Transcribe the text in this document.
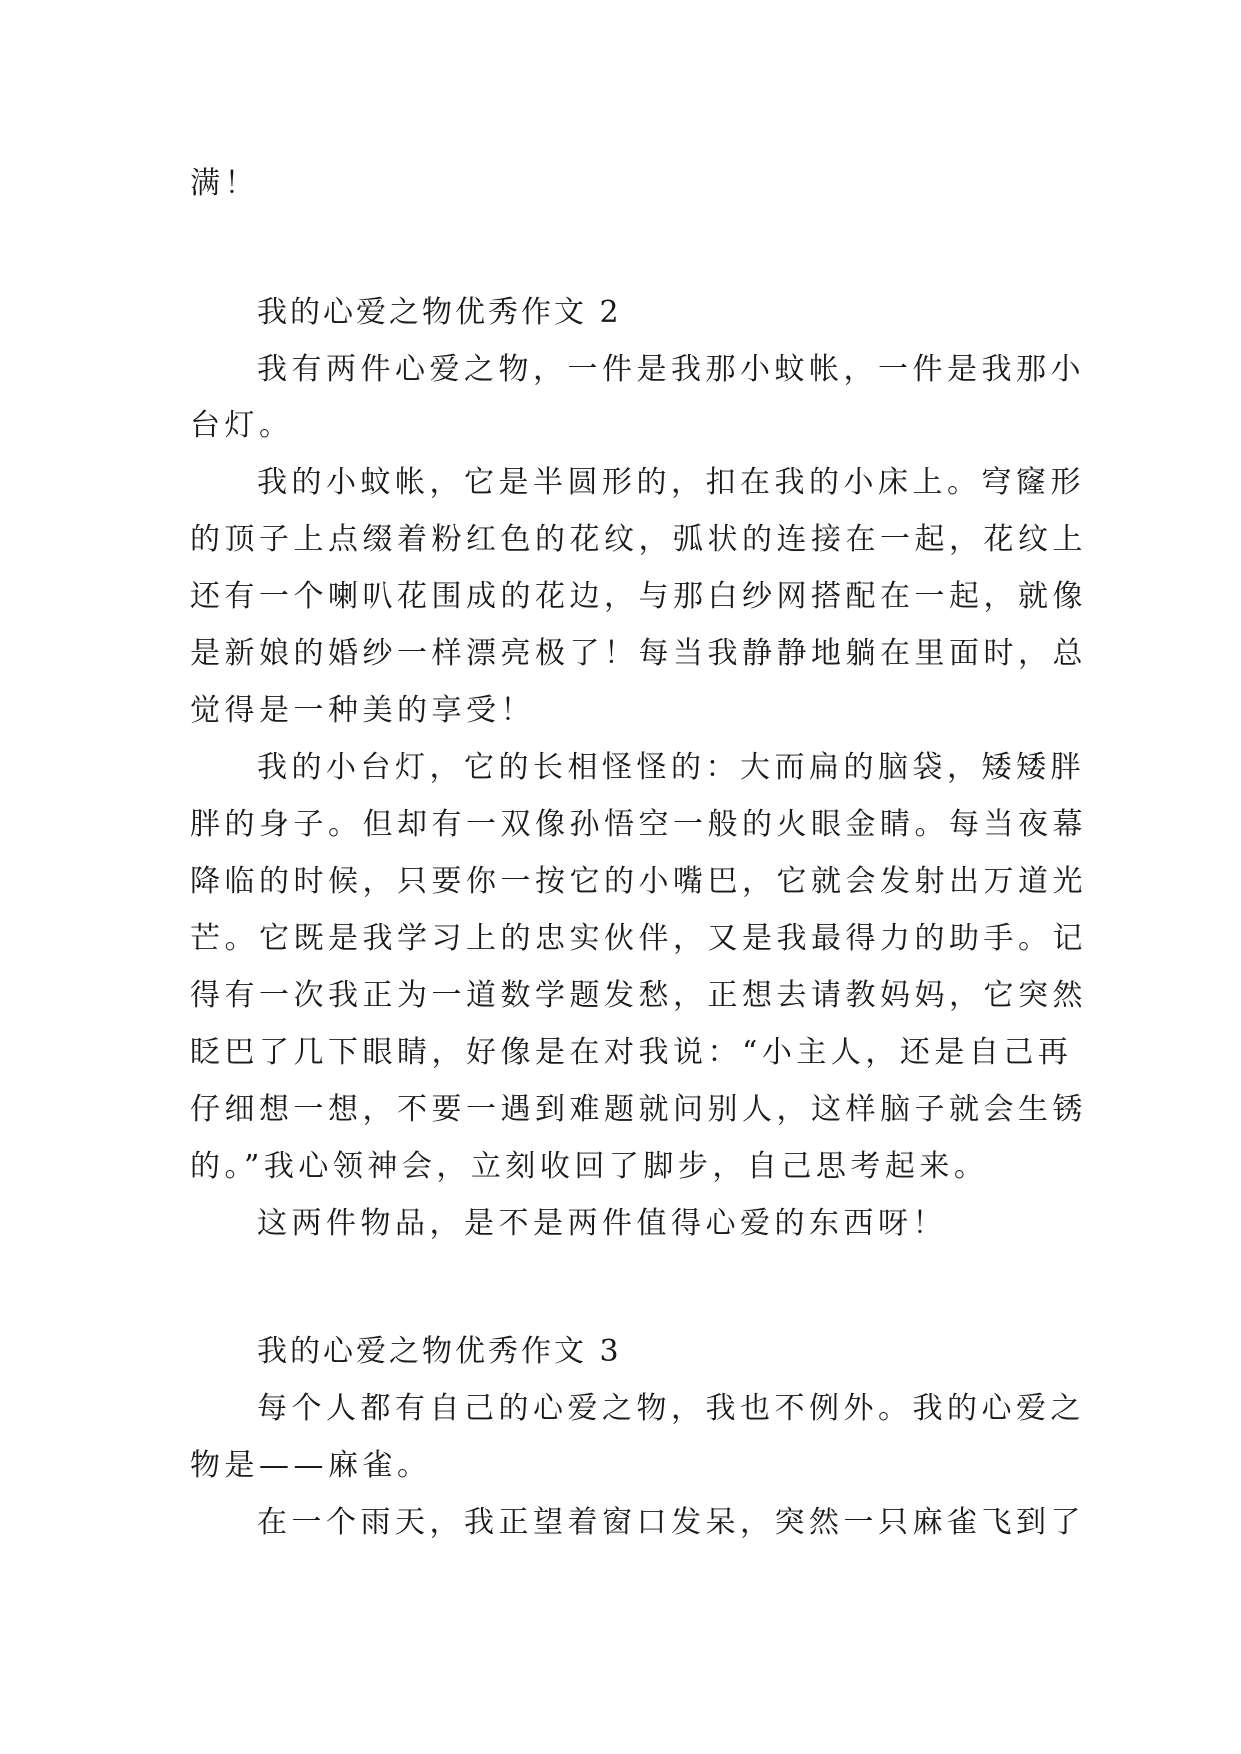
满！
我的心爱之物优秀作文 2
我有两件心爱之物，一件是我那小蚊帐，一件是我那小
台灯。
我的小蚊帐，它是半圆形的，扣在我的小床上。穹窿形
的顶子上点缀着粉红色的花纹，弧状的连接在一起，花纹上
还有一个喇叭花围成的花边，与那白纱网搭配在一起，就像
是新娘的婚纱一样漂亮极了！每当我静静地躺在里面时，总
觉得是一种美的享受！
我的小台灯，它的长相怪怪的：大而扁的脑袋，矮矮胖
胖的身子。但却有一双像孙悟空一般的火眼金睛。每当夜幕
降临的时候，只要你一按它的小嘴巴，它就会发射出万道光
芒。它既是我学习上的忠实伙伴，又是我最得力的助手。记
得有一次我正为一道数学题发愁，正想去请教妈妈，它突然
眨巴了几下眼睛，好像是在对我说：“小主人，还是自己再
仔细想一想，不要一遇到难题就问别人，这样脑子就会生锈
的。”我心领神会，立刻收回了脚步，自己思考起来。
这两件物品，是不是两件值得心爱的东西呀！
我的心爱之物优秀作文 3
每个人都有自己的心爱之物，我也不例外。我的心爱之
物是——麻雀。
在一个雨天，我正望着窗口发呆，突然一只麻雀飞到了
